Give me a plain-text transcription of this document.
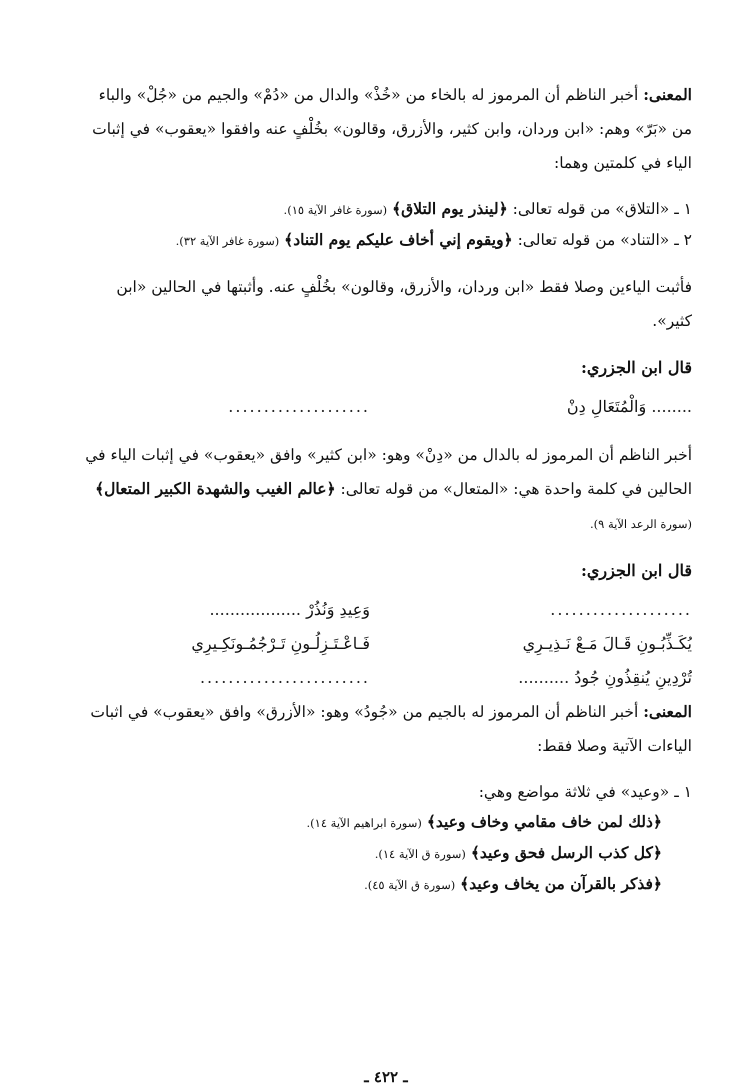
المعنى: أخبر الناظم أن المرموز له بالخاء من «خُذْ» والدال من «دُمْ» والجيم من «جُلْ» والباء من «بَرّ» وهم: «ابن وردان، وابن كثير، والأزرق، وقالون» بخُلْفٍ عنه وافقوا «يعقوب» في إثبات الياء في كلمتين وهما:

١ ـ «التلاق» من قوله تعالى: ﴿لينذر يوم التلاق﴾ (سورة غافر الآية ١٥).

٢ ـ «التناد» من قوله تعالى: ﴿ويقوم إني أخاف عليكم يوم التناد﴾ (سورة غافر الآية ٣٢).

فأثبت الياءين وصلا فقط «ابن وردان، والأزرق، وقالون» بخُلْفٍ عنه. وأثبتها في الحالين «ابن كثير».

قال ابن الجزري:

........ وَالْمُتَعَالِ دِنْ
....................

أخبر الناظم أن المرموز له بالدال من «دِنْ» وهو: «ابن كثير» وافق «يعقوب» في إثبات الياء في الحالين في كلمة واحدة هي: «المتعال» من قوله تعالى: ﴿عالم الغيب والشهدة الكبير المتعال﴾ (سورة الرعد الآية ٩).

قال ابن الجزري:

....................
وَعِيدِ وَنُذُرْ ..................
يُكَـذِّبُـونِ قَـالَ مَـعْ نَـذِيـرِي
فَـاعْـتَـزِلُـونِ تَـرْجُمُـونَكِـيرِي
تُرْدِينِ يُنقِذُونِ جُودُ ..........
........................

المعنى: أخبر الناظم أن المرموز له بالجيم من «جُودُ» وهو: «الأزرق» وافق «يعقوب» في اثبات الياءات الآتية وصلا فقط:

١ ـ «وعيد» في ثلاثة مواضع وهي:

﴿ذلك لمن خاف مقامي وخاف وعيد﴾ (سورة ابراهيم الآية ١٤).

﴿كل كذب الرسل فحق وعيد﴾ (سورة ق الآية ١٤).

﴿فذكر بالقرآن من يخاف وعيد﴾ (سورة ق الآية ٤٥).

ـ ٤٢٢ ـ
